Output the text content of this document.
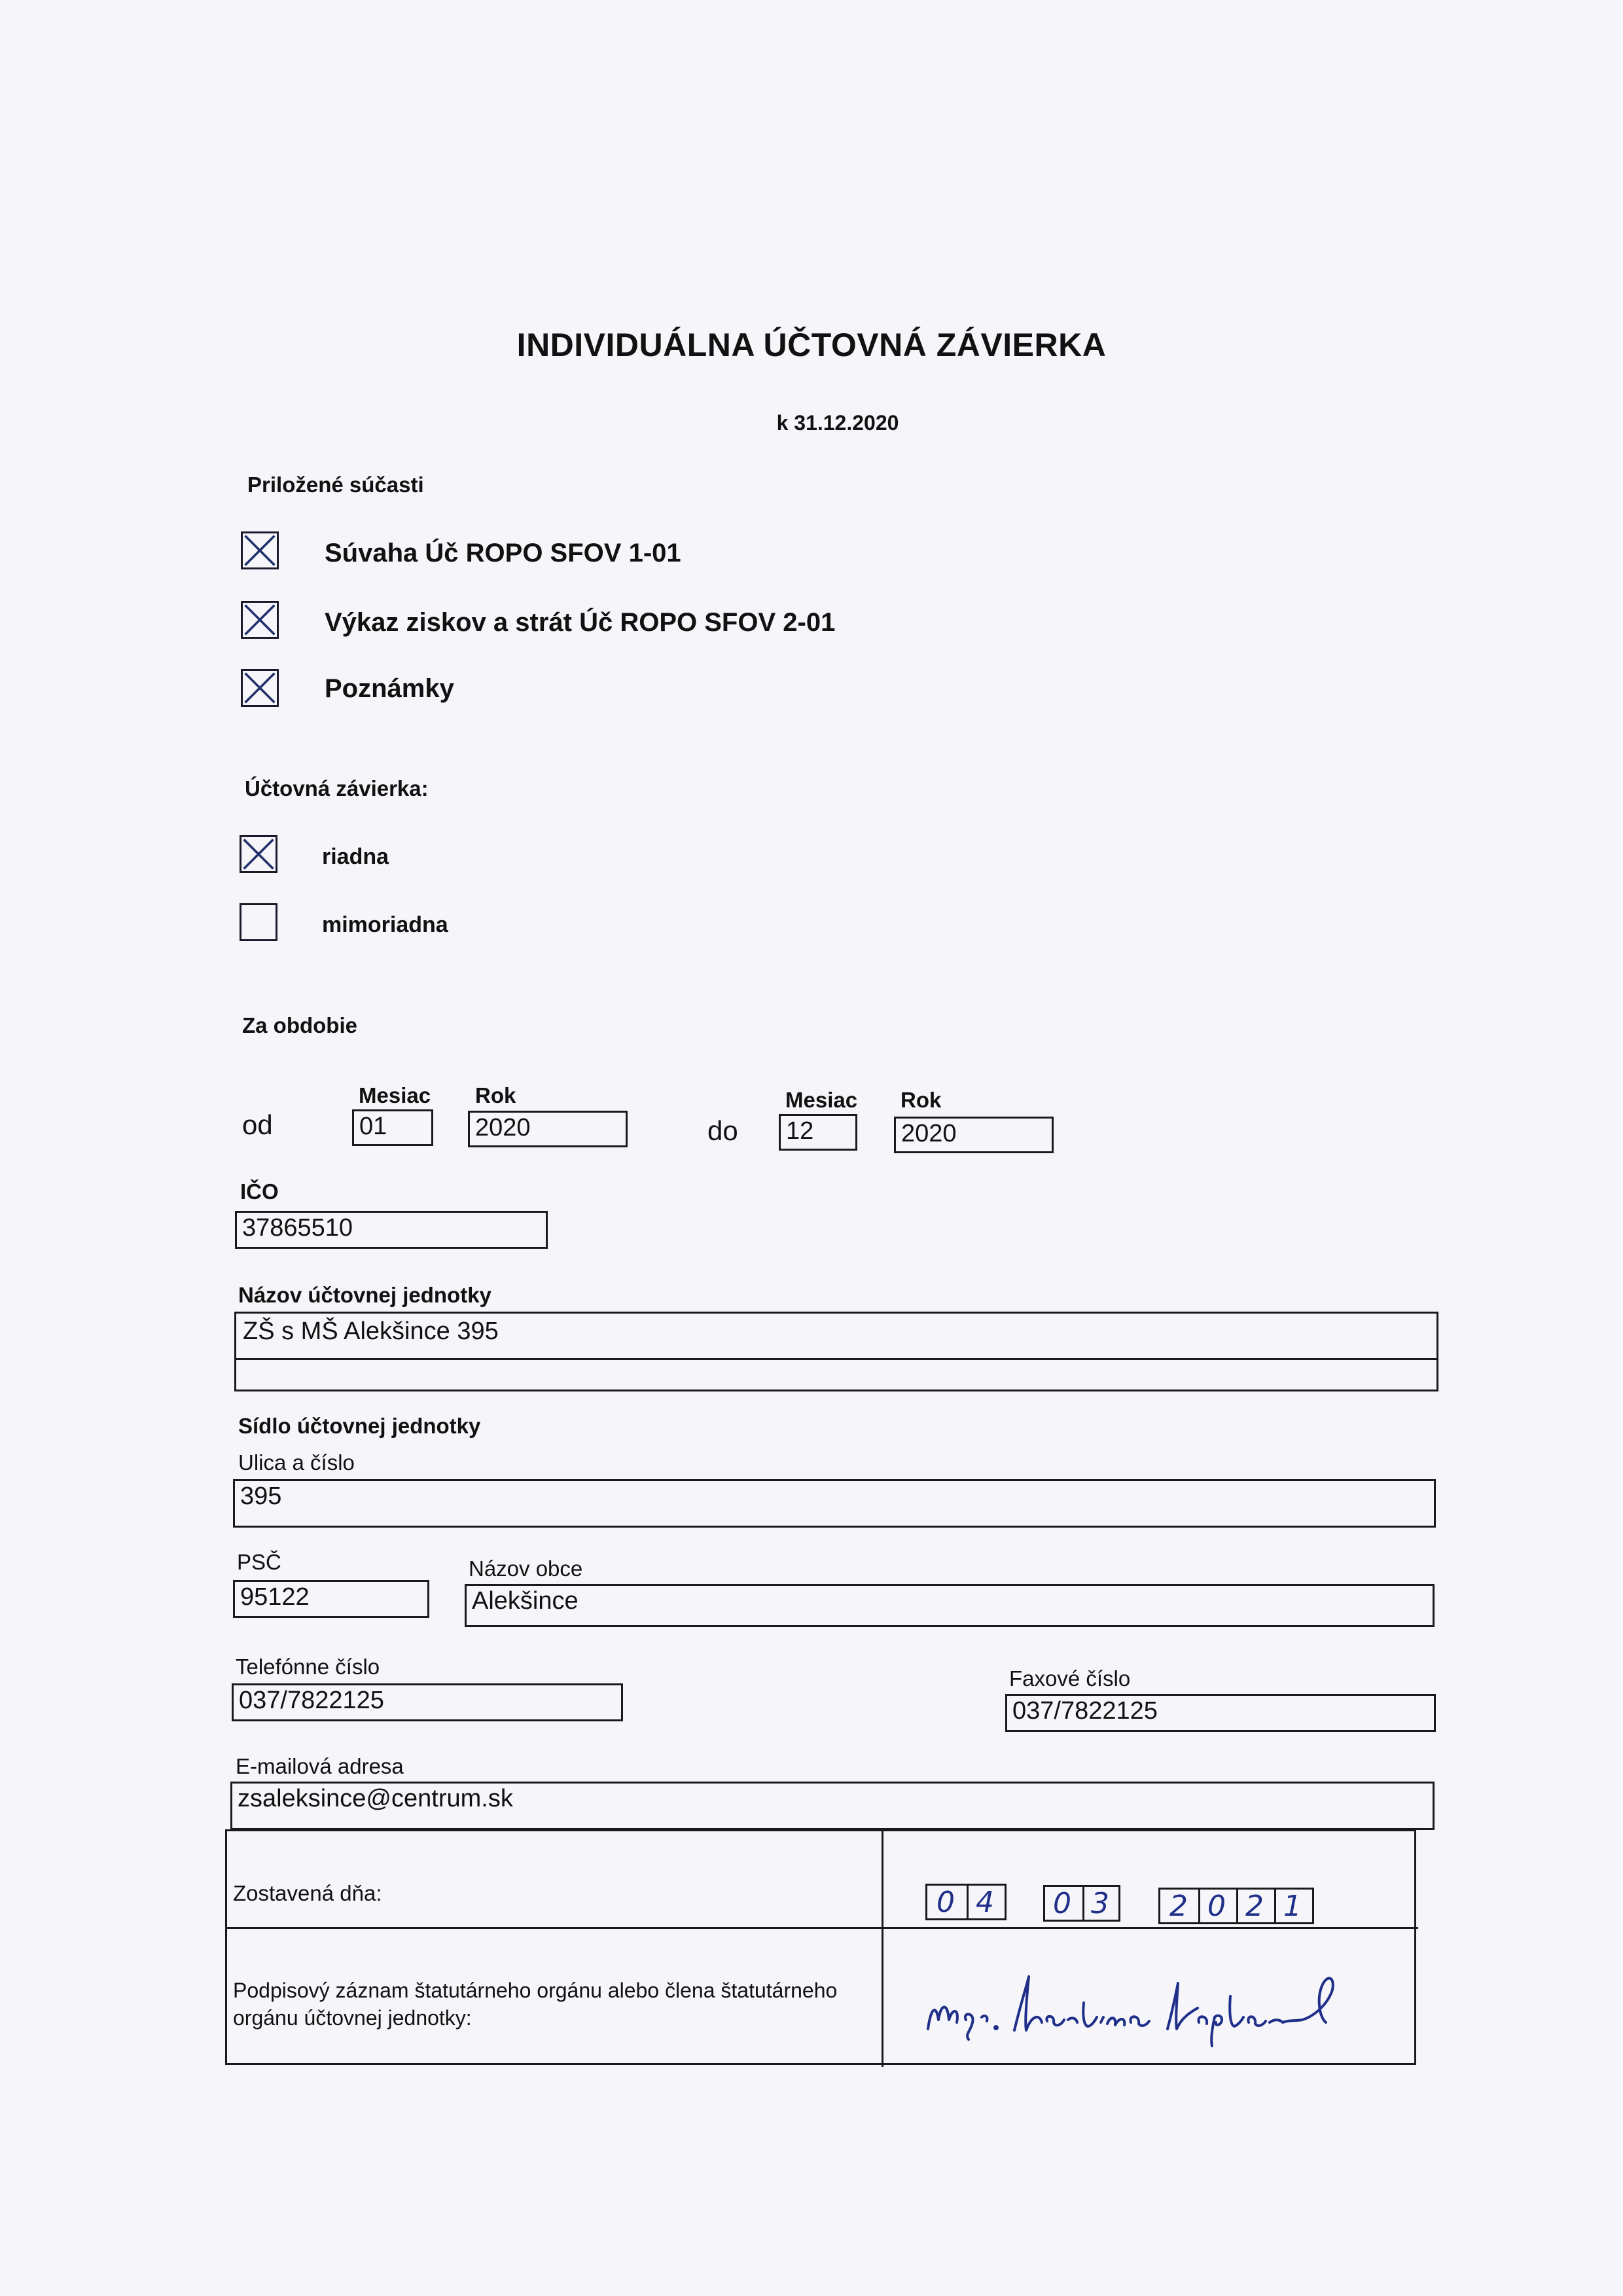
INDIVIDUÁLNA ÚČTOVNÁ ZÁVIERKA
k 31.12.2020
Priložené súčasti
Súvaha Úč ROPO SFOV 1-01
Výkaz ziskov a strát Úč ROPO SFOV 2-01
Poznámky
Účtovná závierka:
riadna
mimoriadna
Za obdobie
Mesiac Rok
od	01	2020
Mesiac Rok
do 12	2020
IČO
37865510
Názov účtovnej jednotky
ZŠ s MŠ Alekšince 395
Sídlo účtovnej jednotky
Ulica a číslo
395
PSČ
95122
Názov obce
Alekšince
Telefónne číslo
037/7822125
Faxové číslo
037/7822125
E-mailová adresa
zsaleksince@centrum.sk
Zostavená dňa:	0 4 0 3 2 0 2 1
Podpisový záznam štatutárneho orgánu alebo člena štatutárneho
orgánu účtovnej jednotky:
